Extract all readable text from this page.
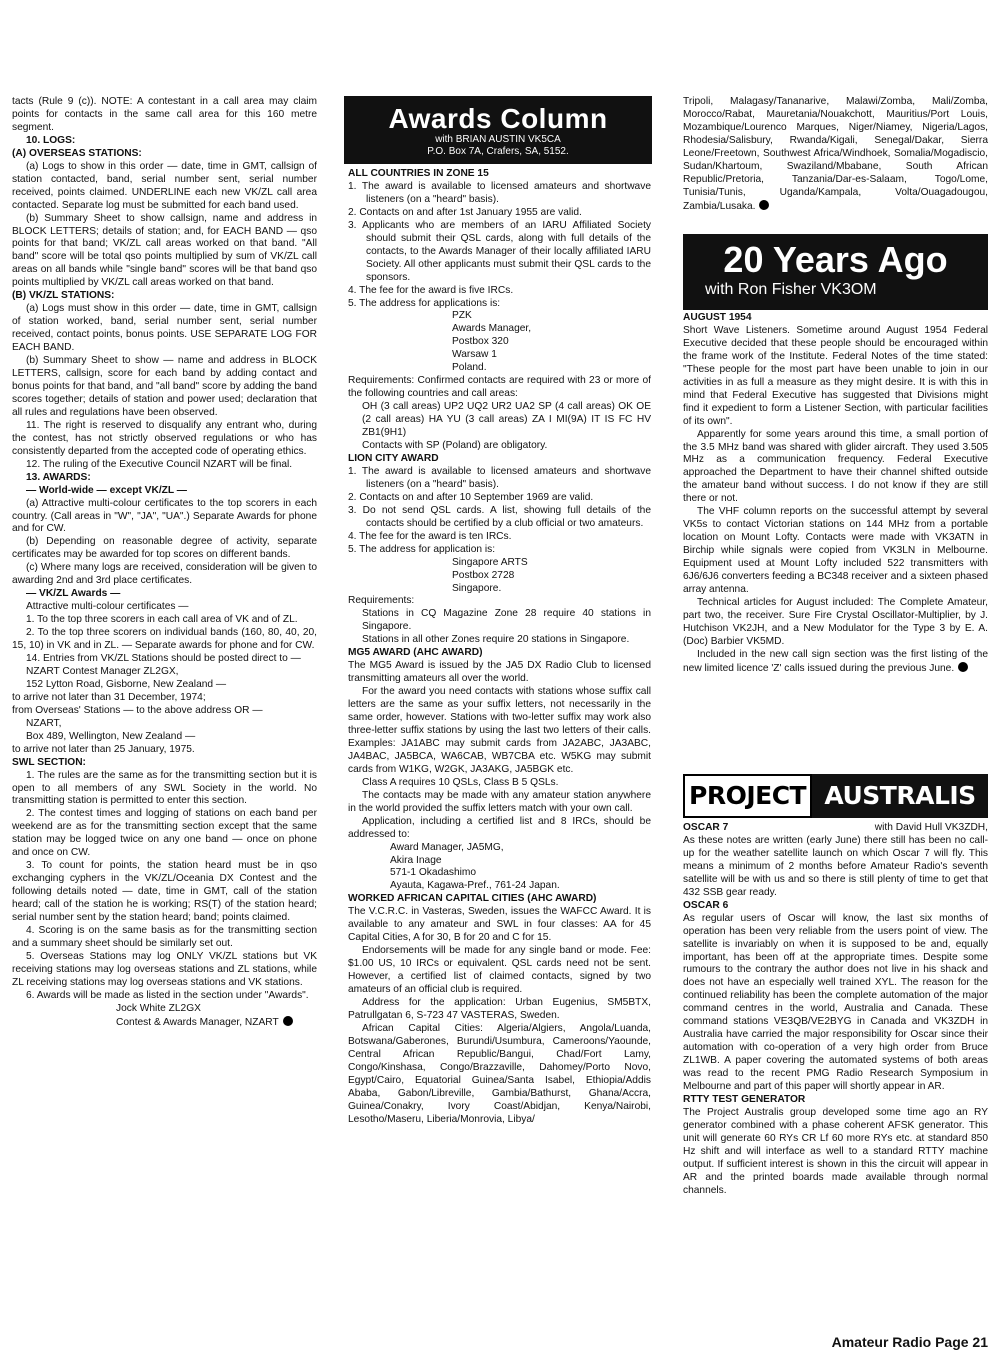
tacts (Rule 9 (c)). NOTE: A contestant in a call area may claim points for contacts in the same call area for this 160 metre segment.

10. LOGS:

(A) OVERSEAS STATIONS:

(a) Logs to show in this order — date, time in GMT, callsign of station contacted, band, serial number sent, serial number received, points claimed. UNDERLINE each new VK/ZL call area contacted. Separate log must be submitted for each band used.

(b) Summary Sheet to show callsign, name and address in BLOCK LETTERS; details of station; and, for EACH BAND — qso points for that band; VK/ZL call areas worked on that band. "All band" score will be total qso points multiplied by sum of VK/ZL call areas on all bands while "single band" scores will be that band qso points multiplied by VK/ZL call areas worked on that band.

(B) VK/ZL STATIONS:

(a) Logs must show in this order — date, time in GMT, callsign of station worked, band, serial number sent, serial number received, contact points, bonus points. USE SEPARATE LOG FOR EACH BAND.

(b) Summary Sheet to show — name and address in BLOCK LETTERS, callsign, score for each band by adding contact and bonus points for that band, and "all band" score by adding the band scores together; details of station and power used; declaration that all rules and regulations have been observed.

11. The right is reserved to disqualify any entrant who, during the contest, has not strictly observed regulations or who has consistently departed from the accepted code of operating ethics.

12. The ruling of the Executive Council NZART will be final.

13. AWARDS:

— World-wide — except VK/ZL —

(a) Attractive multi-colour certificates to the top scorers in each country. (Call areas in "W", "JA", "UA".) Separate Awards for phone and for CW.

(b) Depending on reasonable degree of activity, separate certificates may be awarded for top scores on different bands.

(c) Where many logs are received, consideration will be given to awarding 2nd and 3rd place certificates.

— VK/ZL Awards —

Attractive multi-colour certificates —

1. To the top three scorers in each call area of VK and of ZL.

2. To the top three scorers on individual bands (160, 80, 40, 20, 15, 10) in VK and in ZL. — Separate awards for phone and for CW.

14. Entries from VK/ZL Stations should be posted direct to —

NZART Contest Manager ZL2GX,

152 Lytton Road, Gisborne, New Zealand —

to arrive not later than 31 December, 1974;

from Overseas' Stations — to the above address OR —

NZART,

Box 489, Wellington, New Zealand —

to arrive not later than 25 January, 1975.

SWL SECTION:

1. The rules are the same as for the transmitting section but it is open to all members of any SWL Society in the world. No transmitting station is permitted to enter this section.

2. The contest times and logging of stations on each band per weekend are as for the transmitting section except that the same station may be logged twice on any one band — once on phone and once on CW.

3. To count for points, the station heard must be in qso exchanging cyphers in the VK/ZL/Oceania DX Contest and the following details noted — date, time in GMT, call of the station heard; call of the station he is working; RS(T) of the station heard; serial number sent by the station heard; band; points claimed.

4. Scoring is on the same basis as for the transmitting section and a summary sheet should be similarly set out.

5. Overseas Stations may log ONLY VK/ZL stations but VK receiving stations may log overseas stations and ZL stations, while ZL receiving stations may log overseas stations and VK stations.

6. Awards will be made as listed in the section under "Awards".

Jock White ZL2GX

Contest & Awards Manager, NZART

Awards Column
with BRIAN AUSTIN VK5CA
P.O. Box 7A, Crafers, SA, 5152.

ALL COUNTRIES IN ZONE 15

1. The award is available to licensed amateurs and shortwave listeners (on a "heard" basis).

2. Contacts on and after 1st January 1955 are valid.

3. Applicants who are members of an IARU Affiliated Society should submit their QSL cards, along with full details of the contacts, to the Awards Manager of their locally affiliated IARU Society. All other applicants must submit their QSL cards to the sponsors.

4. The fee for the award is five IRCs.

5. The address for applications is:

PZK

Awards Manager,

Postbox 320

Warsaw 1

Poland.

Requirements: Confirmed contacts are required with 23 or more of the following countries and call areas:

OH (3 call areas) UP2 UQ2 UR2 UA2 SP (4 call areas) OK OE (2 call areas) HA YU (3 call areas) ZA I MI(9A) IT IS FC HV ZB1(9H1)

Contacts with SP (Poland) are obligatory.

LION CITY AWARD

1. The award is available to licensed amateurs and shortwave listeners (on a "heard" basis).

2. Contacts on and after 10 September 1969 are valid.

3. Do not send QSL cards. A list, showing full details of the contacts should be certified by a club official or two amateurs.

4. The fee for the award is ten IRCs.

5. The address for application is:

Singapore ARTS

Postbox 2728

Singapore.

Requirements:

Stations in CQ Magazine Zone 28 require 40 stations in Singapore.

Stations in all other Zones require 20 stations in Singapore.

MG5 AWARD (AHC AWARD)

The MG5 Award is issued by the JA5 DX Radio Club to licensed transmitting amateurs all over the world.

For the award you need contacts with stations whose suffix call letters are the same as your suffix letters, not necessarily in the same order, however. Stations with two-letter suffix may work also three-letter suffix stations by using the last two letters of their calls. Examples: JA1ABC may submit cards from JA2ABC, JA3ABC, JA4BAC, JA5BCA, WA6CAB, WB7CBA etc. W5KG may submit cards from W1KG, W2GK, JA3AKG, JA5BGK etc.

Class A requires 10 QSLs, Class B 5 QSLs.

The contacts may be made with any amateur station anywhere in the world provided the suffix letters match with your own call.

Application, including a certified list and 8 IRCs, should be addressed to:

Award Manager, JA5MG,

Akira Inage

571-1 Okadashimo

Ayauta, Kagawa-Pref., 761-24 Japan.

WORKED AFRICAN CAPITAL CITIES (AHC AWARD)

The V.C.R.C. in Vasteras, Sweden, issues the WAFCC Award. It is available to any amateur and SWL in four classes: AA for 45 Capital Cities, A for 30, B for 20 and C for 15.

Endorsements will be made for any single band or mode. Fee: $1.00 US, 10 IRCs or equivalent. QSL cards need not be sent. However, a certified list of claimed contacts, signed by two amateurs of an official club is required.

Address for the application: Urban Eugenius, SM5BTX, Patrullgatan 6, S-723 47 VASTERAS, Sweden.

African Capital Cities: Algeria/Algiers, Angola/Luanda, Botswana/Gaberones, Burundi/Usumbura, Cameroons/Yaounde, Central African Republic/Bangui, Chad/Fort Lamy, Congo/Kinshasa, Congo/Brazzaville, Dahomey/Porto Novo, Egypt/Cairo, Equatorial Guinea/Santa Isabel, Ethiopia/Addis Ababa, Gabon/Libreville, Gambia/Bathurst, Ghana/Accra, Guinea/Conakry, Ivory Coast/Abidjan, Kenya/Nairobi, Lesotho/Maseru, Liberia/Monrovia, Libya/

Tripoli, Malagasy/Tananarive, Malawi/Zomba, Mali/Zomba, Morocco/Rabat, Mauretania/Nouakchott, Mauritius/Port Louis, Mozambique/Lourenco Marques, Niger/Niamey, Nigeria/Lagos, Rhodesia/Salisbury, Rwanda/Kigali, Senegal/Dakar, Sierra Leone/Freetown, Southwest Africa/Windhoek, Somalia/Mogadiscio, Sudan/Khartoum, Swaziland/Mbabane, South African Republic/Pretoria, Tanzania/Dar-es-Salaam, Togo/Lome, Tunisia/Tunis, Uganda/Kampala, Volta/Ouagadougou, Zambia/Lusaka.

20 Years Ago
with Ron Fisher VK3OM

AUGUST 1954

Short Wave Listeners. Sometime around August 1954 Federal Executive decided that these people should be encouraged within the frame work of the Institute. Federal Notes of the time stated: "These people for the most part have been unable to join in our activities in as full a measure as they might desire. It is with this in mind that Federal Executive has suggested that Divisions might find it expedient to form a Listener Section, with particular facilities of its own".

Apparently for some years around this time, a small portion of the 3.5 MHz band was shared with glider aircraft. They used 3.505 MHz as a communication frequency. Federal Executive approached the Department to have their channel shifted outside the amateur band without success. I do not know if they are still there or not.

The VHF column reports on the successful attempt by several VK5s to contact Victorian stations on 144 MHz from a portable location on Mount Lofty. Contacts were made with VK3ATN in Birchip while signals were copied from VK3LN in Melbourne. Equipment used at Mount Lofty included 522 transmitters with 6J6/6J6 converters feeding a BC348 receiver and a sixteen phased array antenna.

Technical articles for August included: The Complete Amateur, part two, the receiver. Sure Fire Crystal Oscillator-Multiplier, by J. Hutchison VK2JH, and a New Modulator for the Type 3 by E. A. (Doc) Barbier VK5MD.

Included in the new call sign section was the first listing of the new limited licence 'Z' calls issued during the previous June.

PROJECT AUSTRALIS

OSCAR 7	with David Hull VK3ZDH,

As these notes are written (early June) there still has been no call-up for the weather satellite launch on which Oscar 7 will fly. This means a minimum of 2 months before Amateur Radio's seventh satellite will be with us and so there is still plenty of time to get that 432 SSB gear ready.

OSCAR 6

As regular users of Oscar will know, the last six months of operation has been very reliable from the users point of view. The satellite is invariably on when it is supposed to be and, equally important, has been off at the appropriate times. Despite some rumours to the contrary the author does not live in his shack and does not have an especially well trained XYL. The reason for the continued reliability has been the complete automation of the major command centres in the world, Australia and Canada. These command stations VE3QB/VE2BYG in Canada and VK3ZDH in Australia have carried the major responsibility for Oscar since their automation with co-operation of a very high order from Bruce ZL1WB. A paper covering the automated systems of both areas was read to the recent PMG Radio Research Symposium in Melbourne and part of this paper will shortly appear in AR.

RTTY TEST GENERATOR

The Project Australis group developed some time ago an RY generator combined with a phase coherent AFSK generator. This unit will generate 60 RYs CR Lf 60 more RYs etc. at standard 850 Hz shift and will interface as well to a standard RTTY machine output. If sufficient interest is shown in this the circuit will appear in AR and the printed boards made available through normal channels.

Amateur Radio Page 21
